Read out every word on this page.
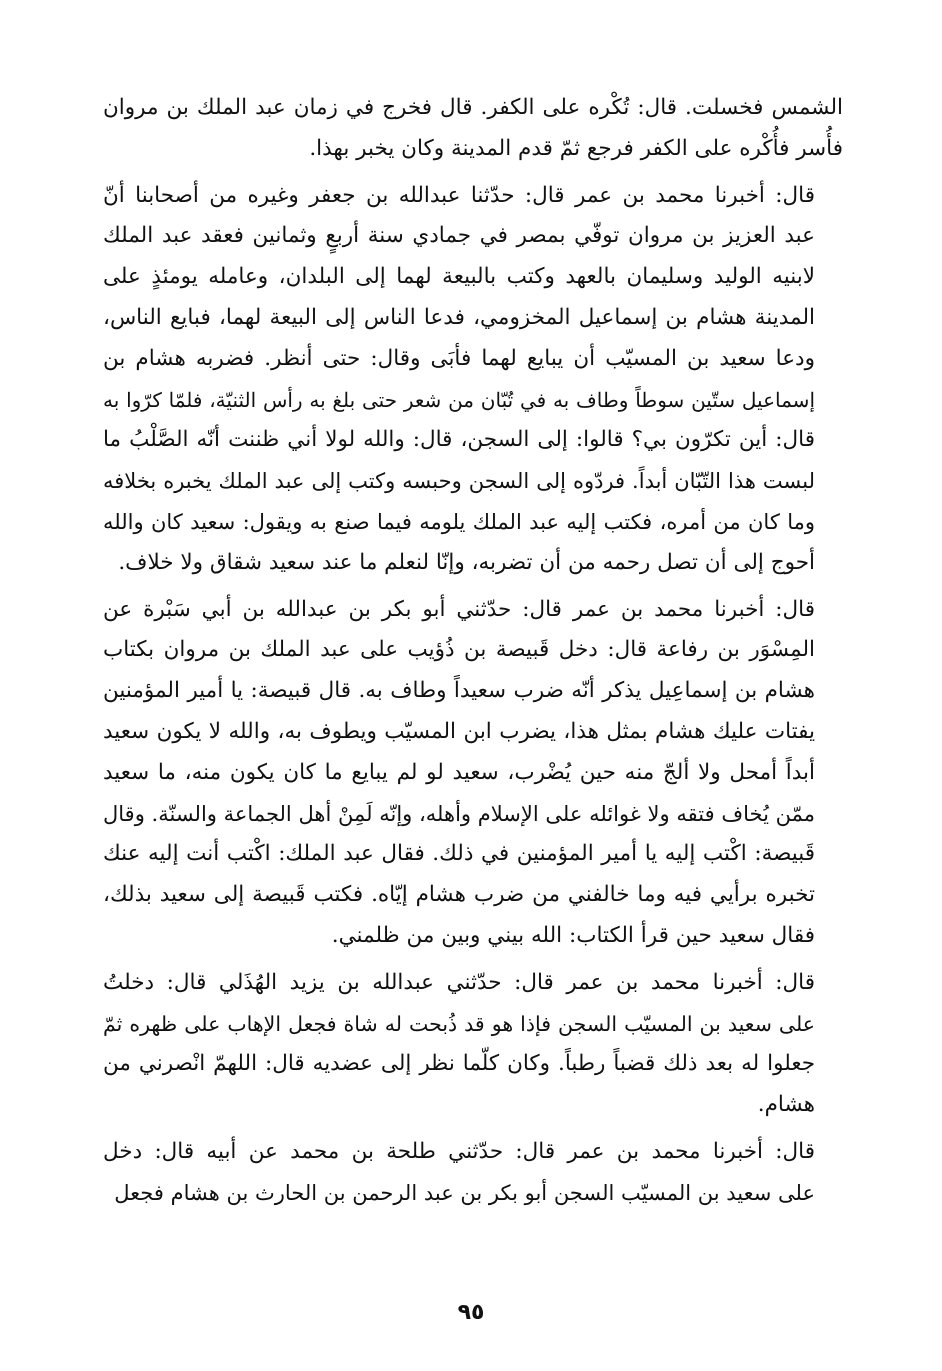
الشمس فخسلت. قال: تُكْره على الكفر. قال فخرج في زمان عبد الملك بن مروان
فأُسر فأُكْره على الكفر فرجع ثمّ قدم المدينة وكان يخبر بهذا.
قال: أخبرنا محمد بن عمر قال: حدّثنا عبدالله بن جعفر وغيره من أصحابنا أنّ
عبد العزيز بن مروان توفّي بمصر في جمادي سنة أربعٍ وثمانين فعقد عبد الملك
لابنيه الوليد وسليمان بالعهد وكتب بالبيعة لهما إلى البلدان، وعامله يومئذٍ على
المدينة هشام بن إسماعيل المخزومي، فدعا الناس إلى البيعة لهما، فبايع الناس،
ودعا سعيد بن المسيّب أن يبايع لهما فأبَى وقال: حتى أنظر. فضربه هشام بن
إسماعيل ستّين سوطاً وطاف به في تُبّان من شعر حتى بلغ به رأس الثنيّة، فلمّا كرّوا به
قال: أين تكرّون بي؟ قالوا: إلى السجن، قال: والله لولا أني ظننت أنّه الصَّلْبُ ما
لبست هذا التّبّان أبداً. فردّوه إلى السجن وحبسه وكتب إلى عبد الملك يخبره بخلافه
وما كان من أمره، فكتب إليه عبد الملك يلومه فيما صنع به ويقول: سعيد كان والله
أحوج إلى أن تصل رحمه من أن تضربه، وإنّا لنعلم ما عند سعيد شقاق ولا خلاف.
قال: أخبرنا محمد بن عمر قال: حدّثني أبو بكر بن عبدالله بن أبي سَبْرة عن
المِسْوَر بن رفاعة قال: دخل قَبيصة بن ذُؤيب على عبد الملك بن مروان بكتاب
هشام بن إسماعِيل يذكر أنّه ضرب سعيداً وطاف به. قال قبيصة: يا أمير المؤمنين
يفتات عليك هشام بمثل هذا، يضرب ابن المسيّب ويطوف به، والله لا يكون سعيد
أبداً أمحل ولا ألجّ منه حين يُضْرب، سعيد لو لم يبايع ما كان يكون منه، ما سعيد
ممّن يُخاف فتقه ولا غوائله على الإسلام وأهله، وإنّه لَمِنْ أهل الجماعة والسنّة. وقال
قَبيصة: اكْتب إليه يا أمير المؤمنين في ذلك. فقال عبد الملك: اكْتب أنت إليه عنك
تخبره برأيي فيه وما خالفني من ضرب هشام إيّاه. فكتب قَبيصة إلى سعيد بذلك،
فقال سعيد حين قرأ الكتاب: الله بيني وبين من ظلمني.
قال: أخبرنا محمد بن عمر قال: حدّثني عبدالله بن يزيد الهُذَلي قال: دخلتُ
على سعيد بن المسيّب السجن فإذا هو قد ذُبحت له شاة فجعل الإهاب على ظهره ثمّ
جعلوا له بعد ذلك قضباً رطباً. وكان كلّما نظر إلى عضديه قال: اللهمّ انْصرني من
هشام.
قال: أخبرنا محمد بن عمر قال: حدّثني طلحة بن محمد عن أبيه قال: دخل
على سعيد بن المسيّب السجن أبو بكر بن عبد الرحمن بن الحارث بن هشام فجعل
٩٥
